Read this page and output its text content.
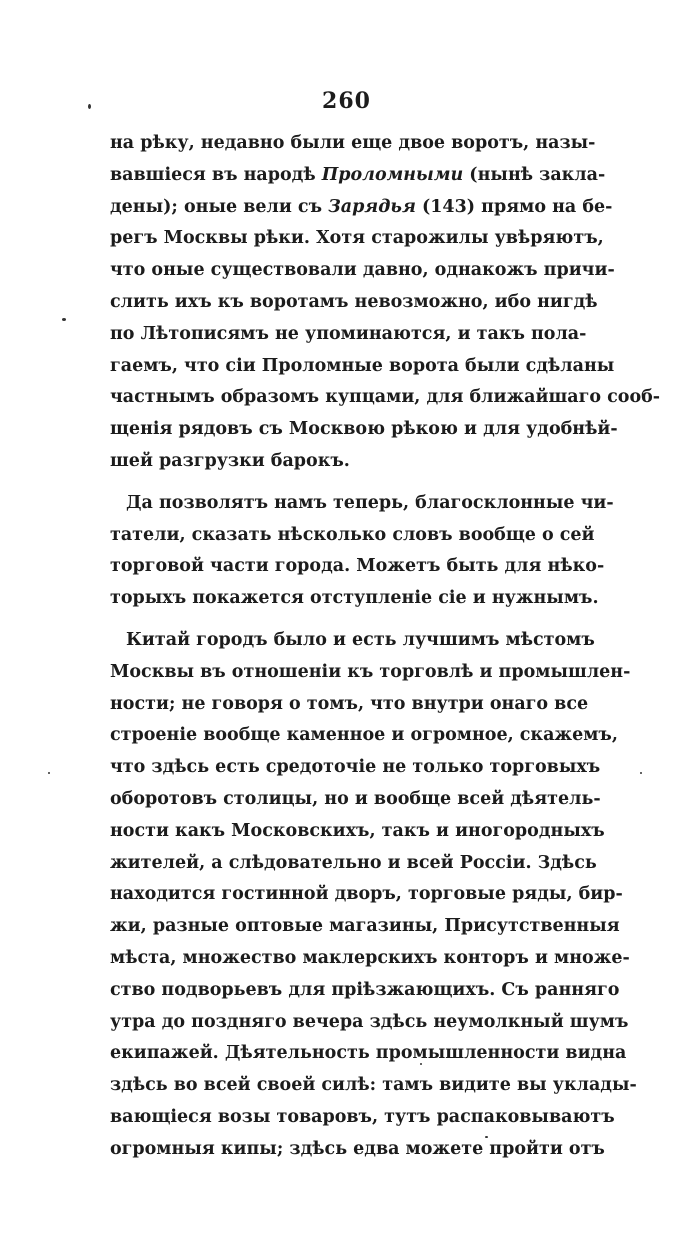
260
на рѣку, недавно были еще двое воротъ, назы-
вавшіеся въ народѣ Проломными (нынѣ заклa-
дены); оные вели съ Зарядья (143) прямо на бе-
регъ Москвы рѣки. Хотя старожилы увѣряютъ,
что оные существовали давно, однакожъ причи-
слить ихъ къ воротамъ невозможно, ибо нигдѣ
по Лѣтописямъ не упоминаются, и такъ пола-
гаемъ, что сіи Проломные ворота были сдѣланы
частнымъ образомъ купцами, для ближайшаго сооб-
щенія рядовъ съ Москвою рѣкою и для удобнѣй-
шей разгрузки барокъ.
Да позволятъ намъ теперь, благосклонные чи-
татели, сказать нѣсколько словъ вообще о сей
торговой части города. Можетъ быть для нѣко-
торыхъ покажется отступленіе сіе и нужнымъ.
Китай городъ было и есть лучшимъ мѣстомъ
Москвы въ отношеніи къ торговлѣ и промышлен-
ности; не говоря о томъ, что внутри онаго все
строеніе вообще каменное и огромное, скажемъ,
что здѣсь есть средоточіе не только торговыхъ
оборотовъ столицы, но и вообще всей дѣятель-
ности какъ Московскихъ, такъ и иногородныхъ
жителей, а слѣдовательно и всей Россіи. Здѣсь
находится гостинной дворъ, торговые ряды, бир-
жи, разные оптовые магазины, Присутственныя
мѣста, множество маклерскихъ конторъ и множе-
ство подворьевъ для пріѣзжающихъ. Съ ранняго
утра до поздняго вечера здѣсь неумолкный шумъ
екипажей. Дѣятельность промышленности видна
здѣсь во всей своей силѣ: тамъ видите вы уклады-
вающіеся возы товаровъ, тутъ распаковываютъ
огромныя кипы; здѣсь едва можете пройти отъ
